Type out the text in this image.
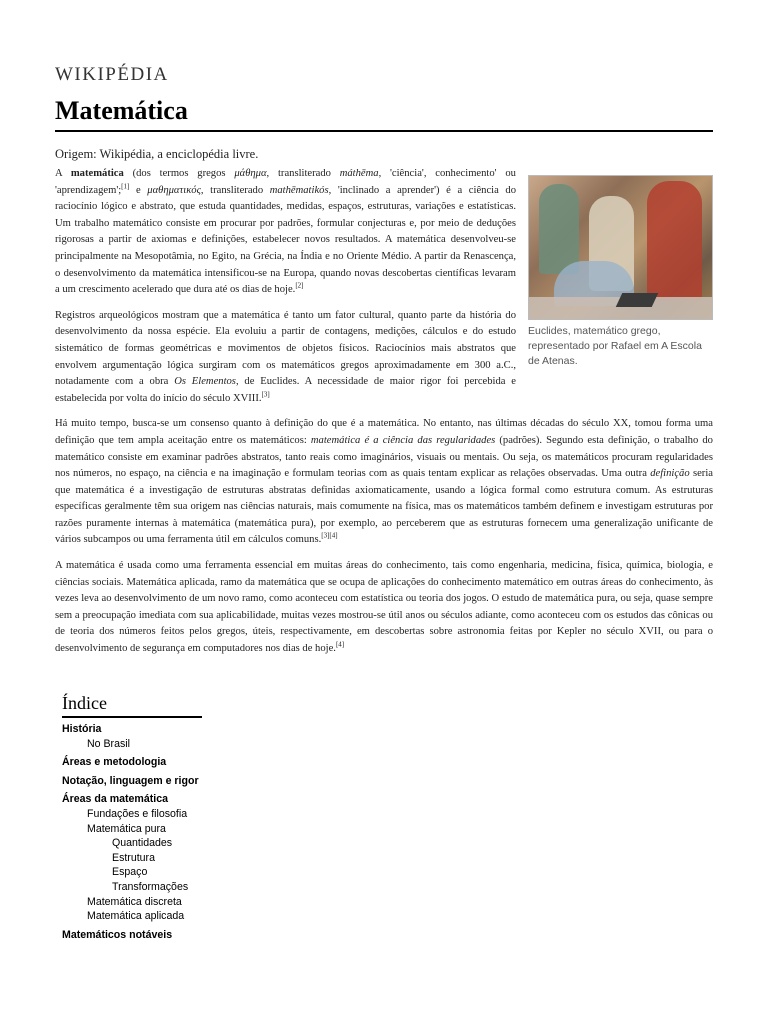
WIKIPÉDIA
Matemática
Origem: Wikipédia, a enciclopédia livre.
Euclides, matemático grego, representado por Rafael em A Escola de Atenas.

A matemática (dos termos gregos μάθημα, transliterado máthēma, 'ciência', conhecimento' ou 'aprendizagem';[1] e μαθηματικός, transliterado mathēmatikós, 'inclinado a aprender') é a ciência do raciocínio lógico e abstrato, que estuda quantidades, medidas, espaços, estruturas, variações e estatísticas. Um trabalho matemático consiste em procurar por padrões, formular conjecturas e, por meio de deduções rigorosas a partir de axiomas e definições, estabelecer novos resultados. A matemática desenvolveu-se principalmente na Mesopotâmia, no Egito, na Grécia, na Índia e no Oriente Médio. A partir da Renascença, o desenvolvimento da matemática intensificou-se na Europa, quando novas descobertas científicas levaram a um crescimento acelerado que dura até os dias de hoje.[2]

Registros arqueológicos mostram que a matemática é tanto um fator cultural, quanto parte da história do desenvolvimento da nossa espécie. Ela evoluiu a partir de contagens, medições, cálculos e do estudo sistemático de formas geométricas e movimentos de objetos físicos. Raciocínios mais abstratos que envolvem argumentação lógica surgiram com os matemáticos gregos aproximadamente em 300 a.C., notadamente com a obra Os Elementos, de Euclides. A necessidade de maior rigor foi percebida e estabelecida por volta do início do século XVIII.[3]

Há muito tempo, busca-se um consenso quanto à definição do que é a matemática. No entanto, nas últimas décadas do século XX, tomou forma uma definição que tem ampla aceitação entre os matemáticos: matemática é a ciência das regularidades (padrões). Segundo esta definição, o trabalho do matemático consiste em examinar padrões abstratos, tanto reais como imaginários, visuais ou mentais. Ou seja, os matemáticos procuram regularidades nos números, no espaço, na ciência e na imaginação e formulam teorias com as quais tentam explicar as relações observadas. Uma outra definição seria que matemática é a investigação de estruturas abstratas definidas axiomaticamente, usando a lógica formal como estrutura comum. As estruturas específicas geralmente têm sua origem nas ciências naturais, mais comumente na física, mas os matemáticos também definem e investigam estruturas por razões puramente internas à matemática (matemática pura), por exemplo, ao perceberem que as estruturas fornecem uma generalização unificante de vários subcampos ou uma ferramenta útil em cálculos comuns.[3][4]

A matemática é usada como uma ferramenta essencial em muitas áreas do conhecimento, tais como engenharia, medicina, física, química, biologia, e ciências sociais. Matemática aplicada, ramo da matemática que se ocupa de aplicações do conhecimento matemático em outras áreas do conhecimento, às vezes leva ao desenvolvimento de um novo ramo, como aconteceu com estatística ou teoria dos jogos. O estudo de matemática pura, ou seja, quase sempre sem a preocupação imediata com sua aplicabilidade, muitas vezes mostrou-se útil anos ou séculos adiante, como aconteceu com os estudos das cônicas ou de teoria dos números feitos pelos gregos, úteis, respectivamente, em descobertas sobre astronomia feitas por Kepler no século XVII, ou para o desenvolvimento de segurança em computadores nos dias de hoje.[4]

Índice
História
No Brasil
Áreas e metodologia
Notação, linguagem e rigor
Áreas da matemática
Fundações e filosofia
Matemática pura
Quantidades
Estrutura
Espaço
Transformações
Matemática discreta
Matemática aplicada
Matemáticos notáveis
